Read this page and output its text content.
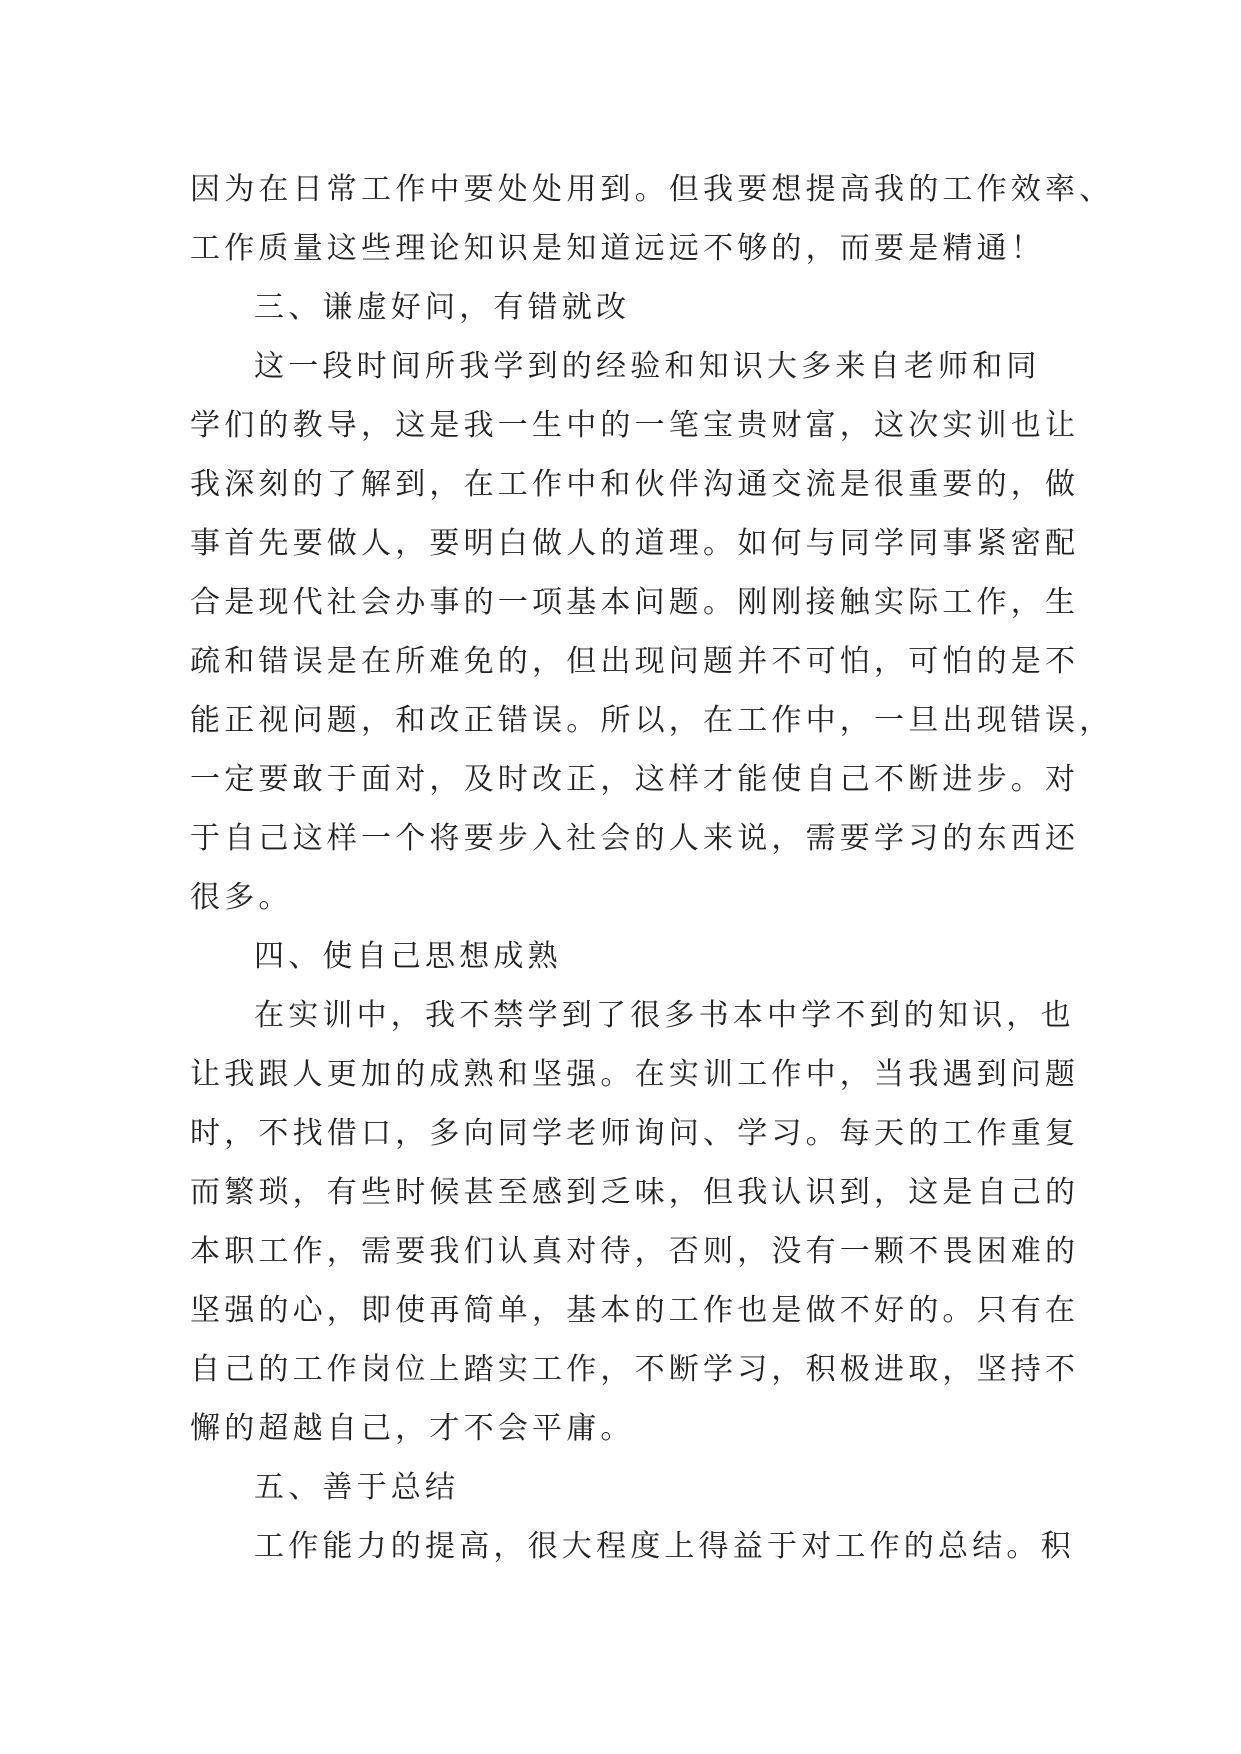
因为在日常工作中要处处用到。但我要想提高我的工作效率、
工作质量这些理论知识是知道远远不够的，而要是精通！
三、谦虚好问，有错就改
这一段时间所我学到的经验和知识大多来自老师和同
学们的教导，这是我一生中的一笔宝贵财富，这次实训也让
我深刻的了解到，在工作中和伙伴沟通交流是很重要的，做
事首先要做人，要明白做人的道理。如何与同学同事紧密配
合是现代社会办事的一项基本问题。刚刚接触实际工作，生
疏和错误是在所难免的，但出现问题并不可怕，可怕的是不
能正视问题，和改正错误。所以，在工作中，一旦出现错误，
一定要敢于面对，及时改正，这样才能使自己不断进步。对
于自己这样一个将要步入社会的人来说，需要学习的东西还
很多。
四、使自己思想成熟
在实训中，我不禁学到了很多书本中学不到的知识，也
让我跟人更加的成熟和坚强。在实训工作中，当我遇到问题
时，不找借口，多向同学老师询问、学习。每天的工作重复
而繁琐，有些时候甚至感到乏味，但我认识到，这是自己的
本职工作，需要我们认真对待，否则，没有一颗不畏困难的
坚强的心，即使再简单，基本的工作也是做不好的。只有在
自己的工作岗位上踏实工作，不断学习，积极进取，坚持不
懈的超越自己，才不会平庸。
五、善于总结
工作能力的提高，很大程度上得益于对工作的总结。积
